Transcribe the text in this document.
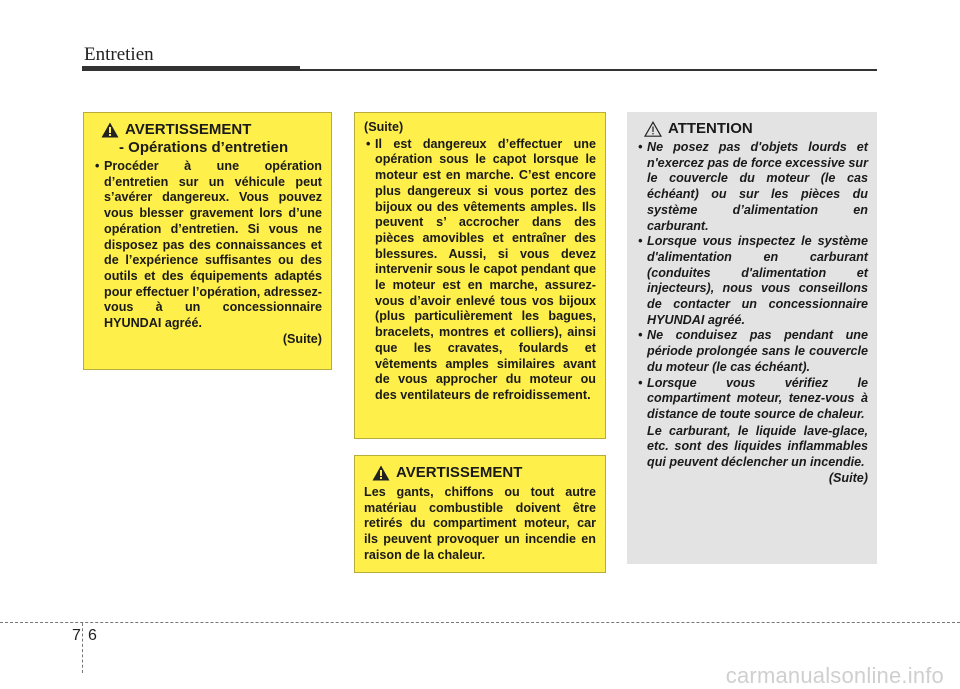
Entretien
AVERTISSEMENT
- Opérations d’entretien
• Procéder à une opération d’entretien sur un véhicule peut s’avérer dangereux. Vous pouvez vous blesser gravement lors d’une opération d’entretien. Si vous ne disposez pas des connaissances et de l’expérience suffisantes ou des outils et des équipements adaptés pour effectuer l’opération, adressez-vous à un concessionnaire HYUNDAI agréé.
(Suite)
(Suite)
• Il est dangereux d’effectuer une opération sous le capot lorsque le moteur est en marche. C’est encore plus dangereux si vous portez des bijoux ou des vêtements amples. Ils peuvent s’ accrocher dans des pièces amovibles et entraîner des blessures. Aussi, si vous devez intervenir sous le capot pendant que le moteur est en marche, assurez-vous d’avoir enlevé tous vos bijoux (plus particulièrement les bagues, bracelets, montres et colliers), ainsi que les cravates, foulards et vêtements amples similaires avant de vous approcher du moteur ou des ventilateurs de refroidissement.
AVERTISSEMENT
Les gants, chiffons ou tout autre matériau combustible doivent être retirés du compartiment moteur, car ils peuvent provoquer un incendie en raison de la chaleur.
ATTENTION
• Ne posez pas d'objets lourds et n'exercez pas de force excessive sur le couvercle du moteur (le cas échéant) ou sur les pièces du système d’alimentation en carburant.
• Lorsque vous inspectez le système d'alimentation en carburant (conduites d'alimentation et injecteurs), nous vous conseillons de contacter un concessionnaire HYUNDAI agréé.
• Ne conduisez pas pendant une période prolongée sans le couvercle du moteur (le cas échéant).
• Lorsque vous vérifiez le compartiment moteur, tenez-vous à distance de toute source de chaleur.

Le carburant, le liquide lave-glace, etc. sont des liquides inflammables qui peuvent déclencher un incendie.

(Suite)
7 6
carmanualsonline.info
